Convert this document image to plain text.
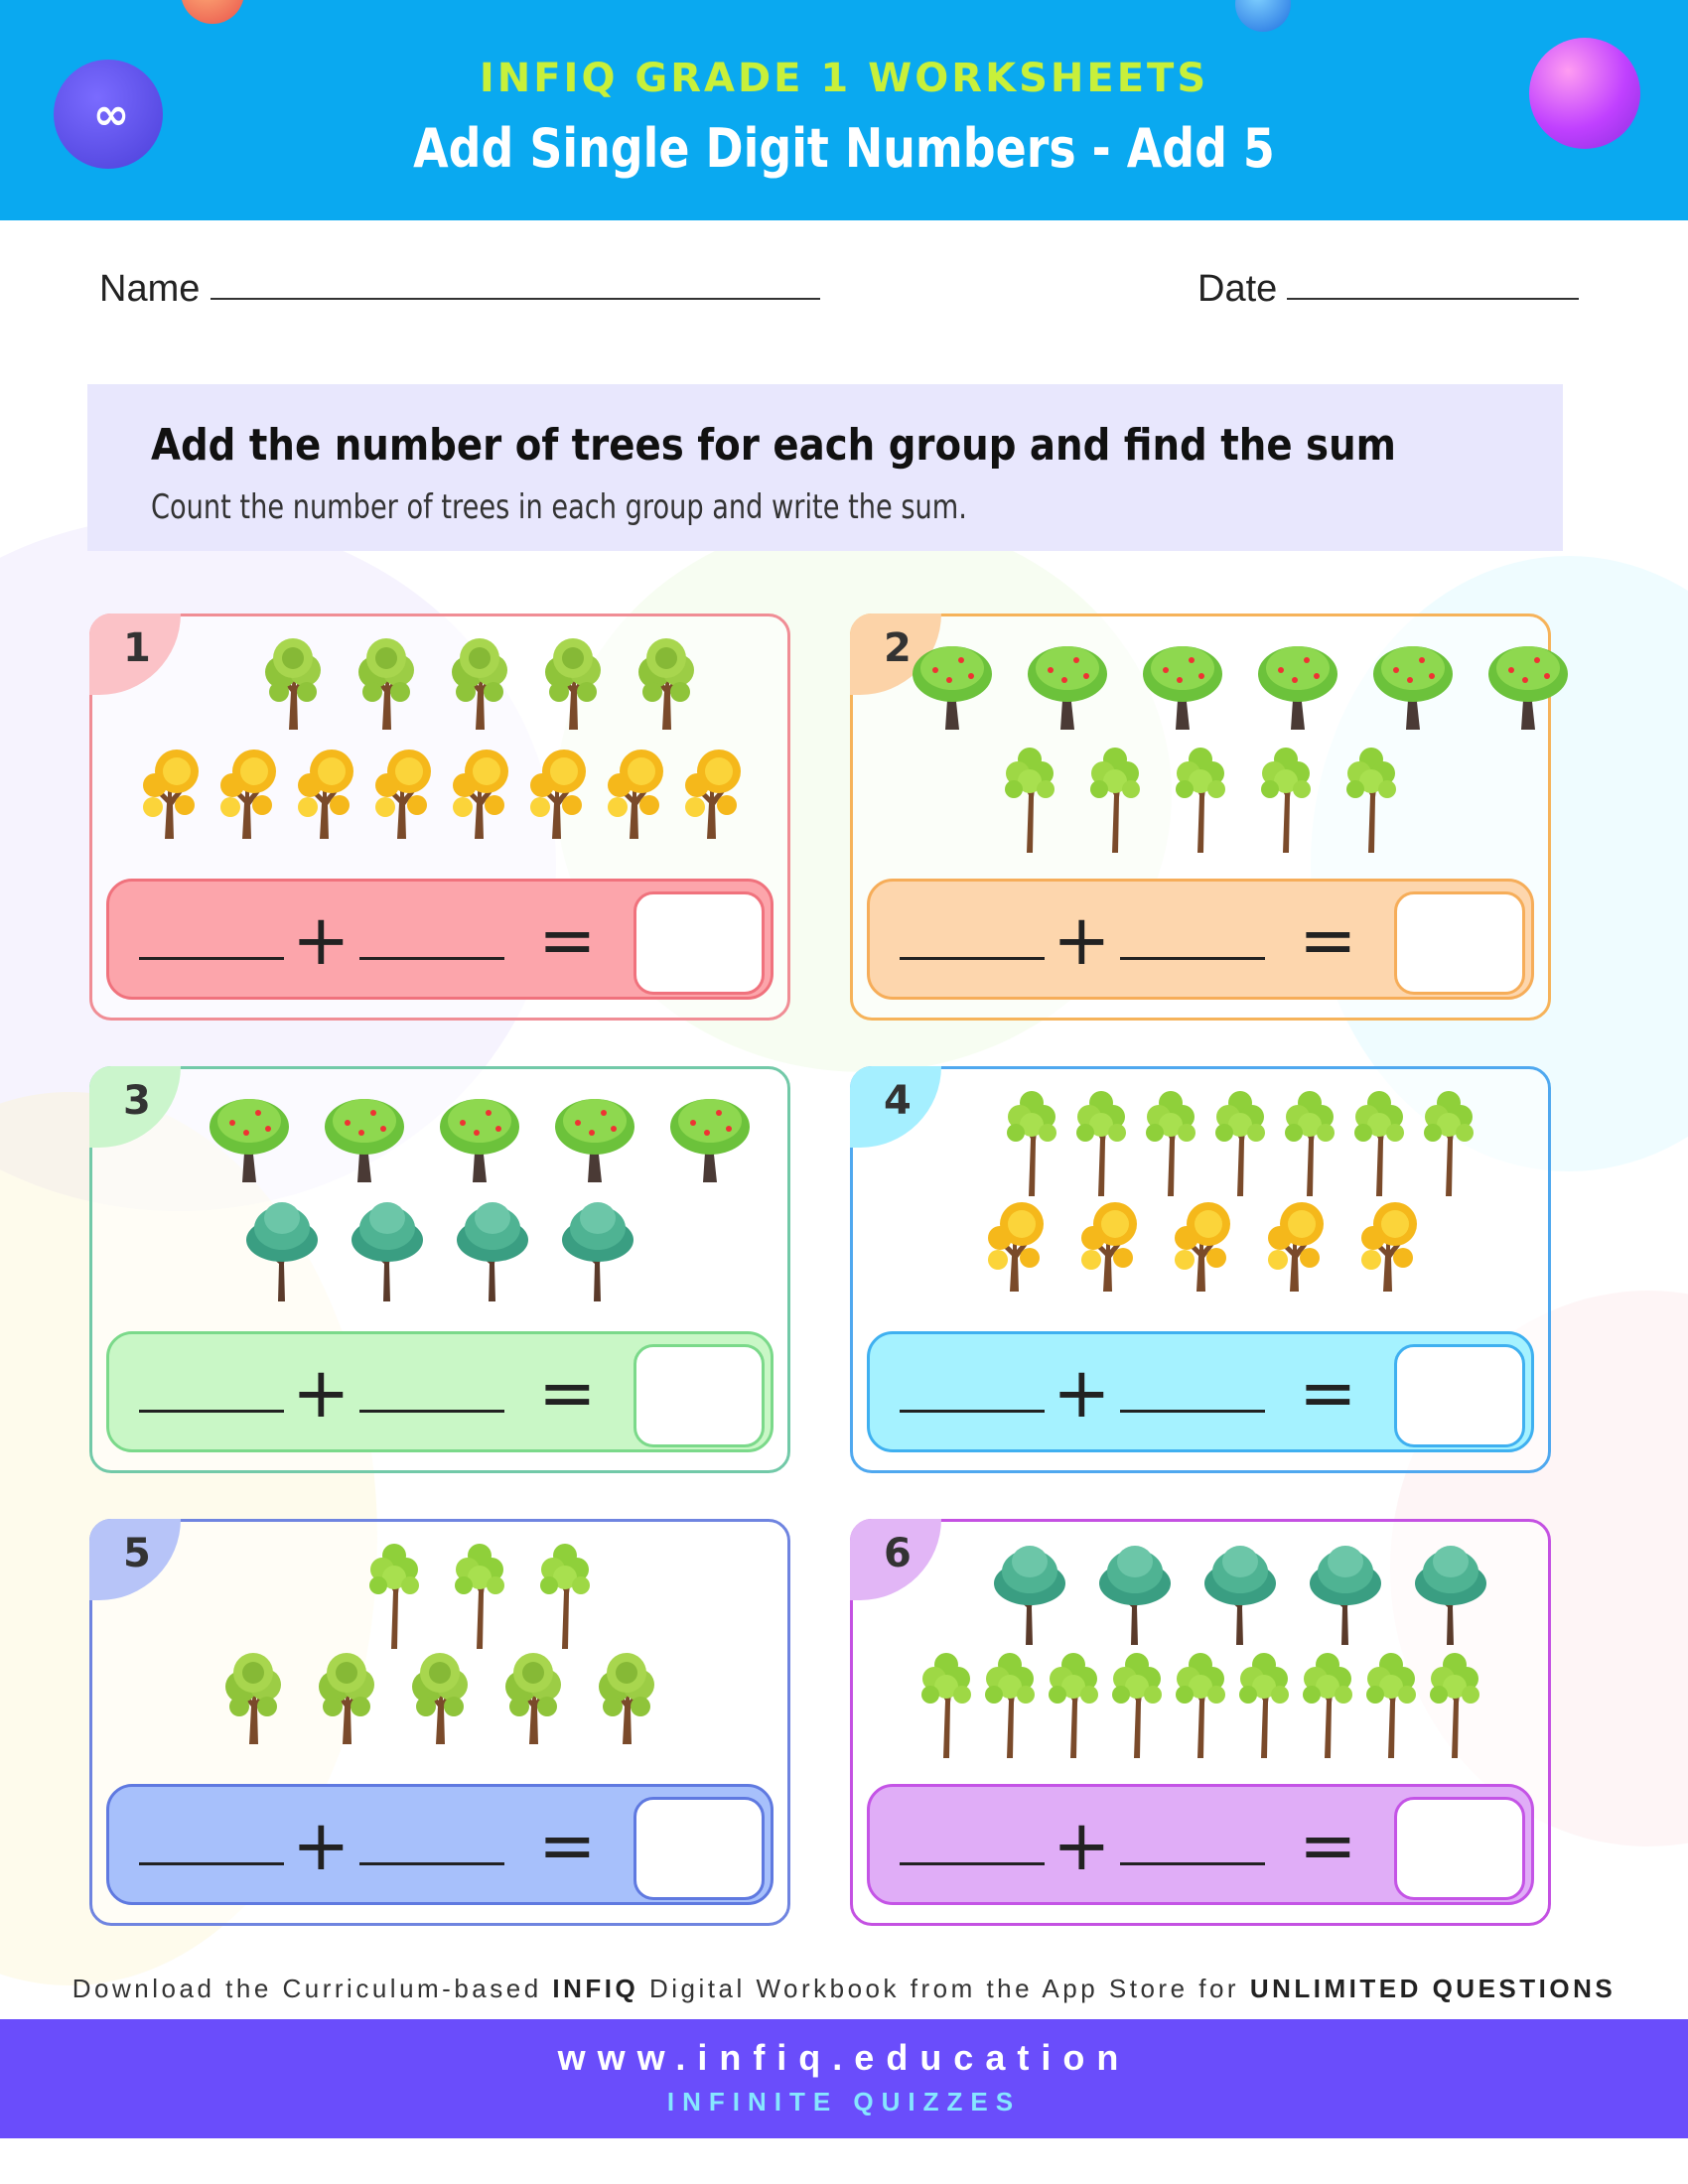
∞
INFIQ GRADE 1 WORKSHEETS
Add Single Digit Numbers - Add 5
Name	Date
Add the number of trees for each group and find the sum
Count the number of trees in each group and write the sum.
1
+	=
2
+	=
3
+	=
4
+	=
5
+	=
6
+	=
Download the Curriculum-based INFIQ Digital Workbook from the App Store for UNLIMITED QUESTIONS
www.infiq.education
INFINITE QUIZZES
